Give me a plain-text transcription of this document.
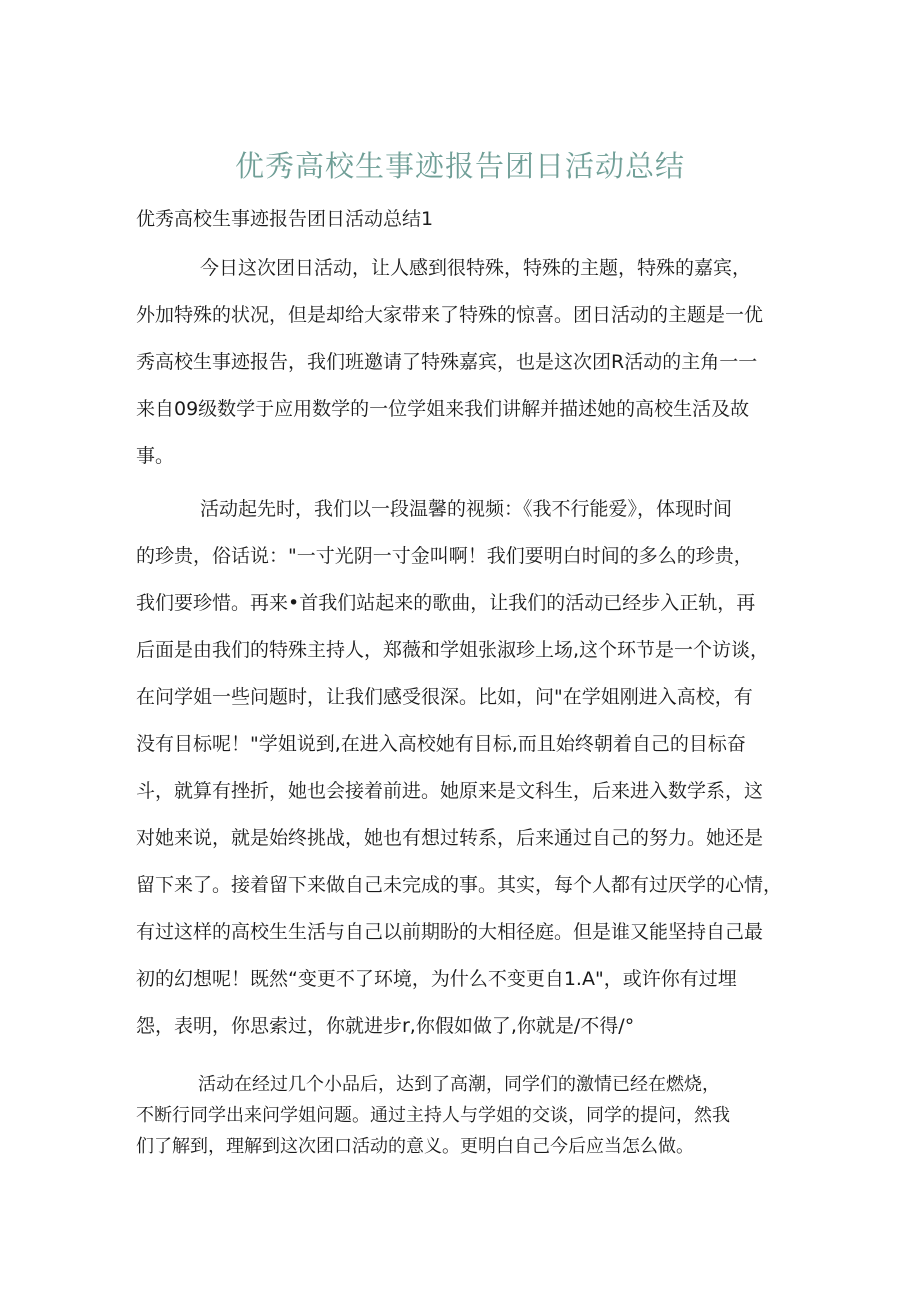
优秀高校生事迹报告团日活动总结
优秀高校生事迹报告团日活动总结1
今日这次团日活动，让人感到很特殊，特殊的主题，特殊的嘉宾，
外加特殊的状况，但是却给大家带来了特殊的惊喜。团日活动的主题是一优
秀高校生事迹报告，我们班邀请了特殊嘉宾，也是这次团R活动的主角一一
来自09级数学于应用数学的一位学姐来我们讲解并描述她的高校生活及故
事。
活动起先时，我们以一段温馨的视频：《我不行能爱》，体现时间
的珍贵，俗话说："一寸光阴一寸金叫啊！我们要明白时间的多么的珍贵，
我们要珍惜。再来•首我们站起来的歌曲，让我们的活动已经步入正轨，再
后面是由我们的特殊主持人，郑薇和学姐张淑珍上场,这个环节是一个访谈，
在问学姐一些问题时，让我们感受很深。比如，问"在学姐刚进入高校，有
没有目标呢！"学姐说到,在进入高校她有目标,而且始终朝着自己的目标奋
斗，就算有挫折，她也会接着前进。她原来是文科生，后来进入数学系，这
对她来说，就是始终挑战，她也有想过转系，后来通过自己的努力。她还是
留下来了。接着留下来做自己未完成的事。其实，每个人都有过厌学的心情，
有过这样的高校生生活与自己以前期盼的大相径庭。但是谁又能坚持自己最
初的幻想呢！既然“变更不了环境，为什么不变更自1.A"，或许你有过埋
怨，表明，你思索过，你就进步r,你假如做了,你就是/不得/°
活动在经过几个小品后，达到了高潮，同学们的激情已经在燃烧，
不断行同学出来问学姐问题。通过主持人与学姐的交谈，同学的提问，然我
们了解到，理解到这次团口活动的意义。更明白自己今后应当怎么做。
